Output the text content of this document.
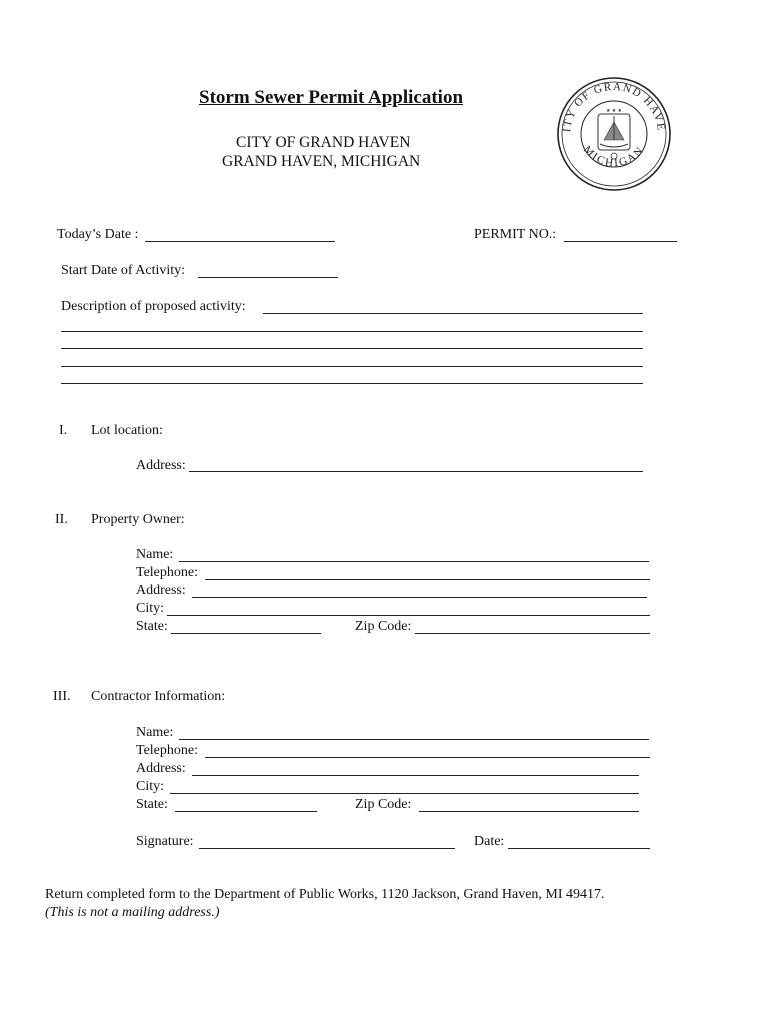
Storm Sewer Permit Application
CITY OF GRAND HAVEN
GRAND HAVEN, MICHIGAN
ITY OF GRAND HAVE
MICHIGAN
★ ★ ★
Today’s Date :	PERMIT NO.:
Start Date of Activity:
Description of proposed activity:
I. Lot location:
Address:
II. Property Owner:
Name:
Telephone:
Address:
City:
State:	Zip Code:
III. Contractor Information:
Name:
Telephone:
Address:
City:
State:	Zip Code:
Signature:	Date:
Return completed form to the Department of Public Works, 1120 Jackson, Grand Haven, MI 49417.
(This is not a mailing address.)
